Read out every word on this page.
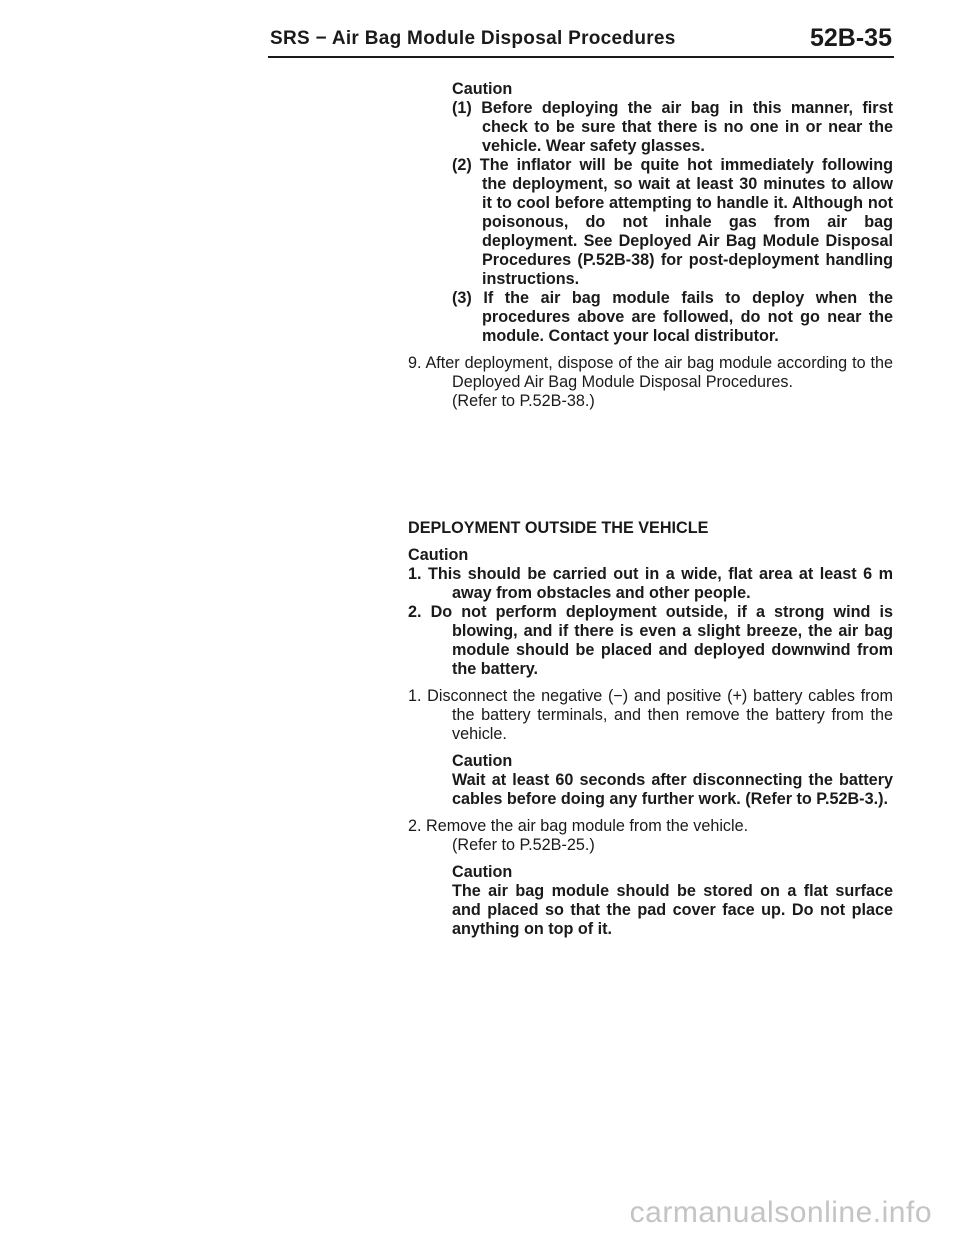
SRS − Air Bag Module Disposal Procedures	52B-35
Caution
(1) Before deploying the air bag in this manner, first check to be sure that there is no one in or near the vehicle. Wear safety glasses.
(2) The inflator will be quite hot immediately following the deployment, so wait at least 30 minutes to allow it to cool before attempting to handle it. Although not poisonous, do not inhale gas from air bag deployment. See Deployed Air Bag Module Disposal Procedures (P.52B-38) for post-deployment handling instructions.
(3) If the air bag module fails to deploy when the procedures above are followed, do not go near the module. Contact your local distributor.
9. After deployment, dispose of the air bag module according to the Deployed Air Bag Module Disposal Procedures.
(Refer to P.52B-38.)
DEPLOYMENT OUTSIDE THE VEHICLE
Caution
1. This should be carried out in a wide, flat area at least 6 m away from obstacles and other people.
2. Do not perform deployment outside, if a strong wind is blowing, and if there is even a slight breeze, the air bag module should be placed and deployed downwind from the battery.
1. Disconnect the negative (−) and positive (+) battery cables from the battery terminals, and then remove the battery from the vehicle.
Caution
Wait at least 60 seconds after disconnecting the battery cables before doing any further work. (Refer to P.52B-3.).
2. Remove the air bag module from the vehicle.
(Refer to P.52B-25.)
Caution
The air bag module should be stored on a flat surface and placed so that the pad cover face up. Do not place anything on top of it.
carmanualsonline.info
